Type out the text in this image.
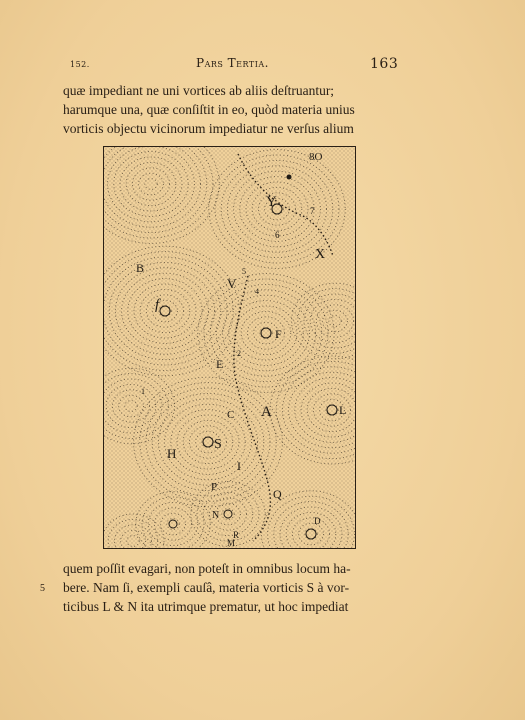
152.	Pars Tertia.	163
quæ impediant ne uni vortices ab aliis deſtruantur;
harumque una, quæ conſiſtit in eo, quòd materia unius
vorticis objectu vicinorum impediatur ne verſus alium
Y
X
B
V
f
F
E
A	L
H
S
C
I
P	Q
N	D
R
M
8O
7
6
5
4
2
1
quem poſſit evagari, non poteſt in omnibus locum ha-
5 bere. Nam ſi, exempli cauſâ, materia vorticis S à vor-
ticibus L & N ita utrimque prematur, ut hoc impediat
